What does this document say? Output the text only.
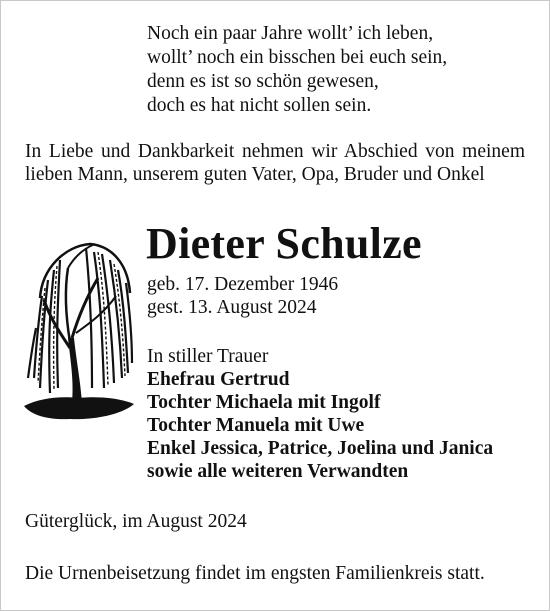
Noch ein paar Jahre wollt’ ich leben,
wollt’ noch ein bisschen bei euch sein,
denn es ist so schön gewesen,
doch es hat nicht sollen sein.
In Liebe und Dankbarkeit nehmen wir Abschied von meinem lieben Mann, unserem guten Vater, Opa, Bruder und Onkel
Dieter Schulze
geb. 17. Dezember 1946
gest. 13. August 2024
In stiller Trauer
Ehefrau Gertrud
Tochter Michaela mit Ingolf
Tochter Manuela mit Uwe
Enkel Jessica, Patrice, Joelina und Janica
sowie alle weiteren Verwandten
Güterglück, im August 2024
Die Urnenbeisetzung findet im engsten Familienkreis statt.
